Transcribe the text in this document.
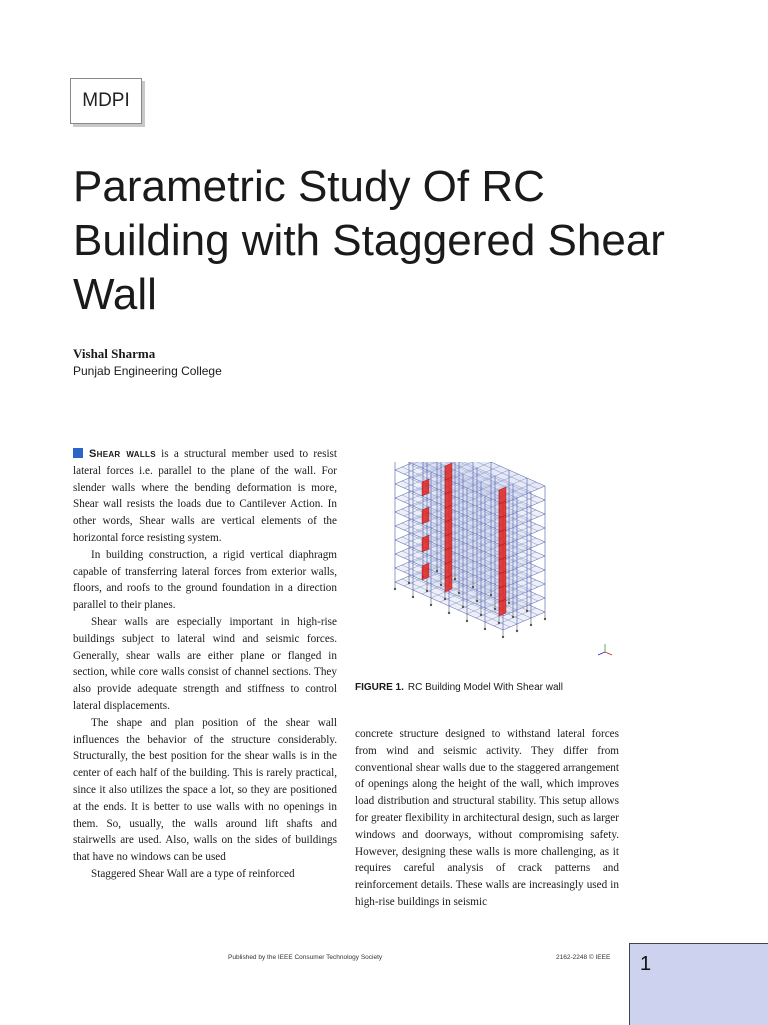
MDPI
Parametric Study Of RC Building with Staggered Shear Wall
Vishal Sharma
Punjab Engineering College

Shear walls is a structural member used to resist lateral forces i.e. parallel to the plane of the wall. For slender walls where the bending deformation is more, Shear wall resists the loads due to Cantilever Action. In other words, Shear walls are vertical elements of the horizontal force resisting system.

In building construction, a rigid vertical diaphragm capable of transferring lateral forces from exterior walls, floors, and roofs to the ground foundation in a direction parallel to their planes.

Shear walls are especially important in high-rise buildings subject to lateral wind and seismic forces. Generally, shear walls are either plane or flanged in section, while core walls consist of channel sections. They also provide adequate strength and stiffness to control lateral displacements.

The shape and plan position of the shear wall influences the behavior of the structure considerably. Structurally, the best position for the shear walls is in the center of each half of the building. This is rarely practical, since it also utilizes the space a lot, so they are positioned at the ends. It is better to use walls with no openings in them. So, usually, the walls around lift shafts and stairwells are used. Also, walls on the sides of buildings that have no windows can be used

Staggered Shear Wall are a type of reinforced

FIGURE 1. RC Building Model With Shear wall

concrete structure designed to withstand lateral forces from wind and seismic activity. They differ from conventional shear walls due to the staggered arrangement of openings along the height of the wall, which improves load distribution and structural stability. This setup allows for greater flexibility in architectural design, such as larger windows and doorways, without compromising safety. However, designing these walls is more challenging, as it requires careful analysis of crack patterns and reinforcement details. These walls are increasingly used in high-rise buildings in seismic

Published by the IEEE Consumer Technology Society	2162-2248 © IEEE 1
